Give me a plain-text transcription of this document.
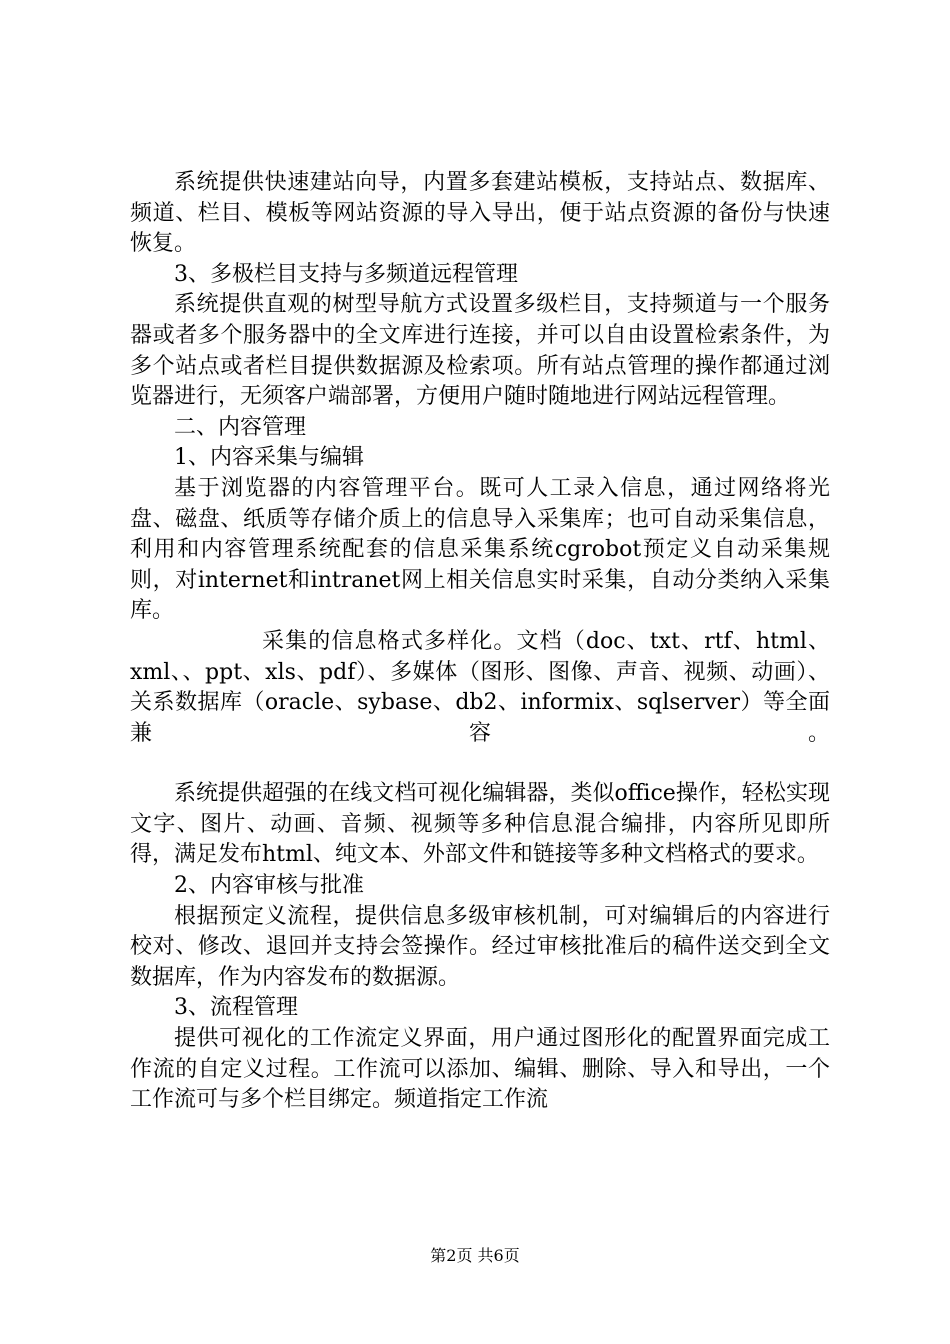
系统提供快速建站向导，内置多套建站模板，支持站点、数据库、频道、栏目、模板等网站资源的导入导出，便于站点资源的备份与快速恢复。

3、多极栏目支持与多频道远程管理

系统提供直观的树型导航方式设置多级栏目，支持频道与一个服务器或者多个服务器中的全文库进行连接，并可以自由设置检索条件，为多个站点或者栏目提供数据源及检索项。所有站点管理的操作都通过浏览器进行，无须客户端部署，方便用户随时随地进行网站远程管理。

二、内容管理

1、内容采集与编辑

基于浏览器的内容管理平台。既可人工录入信息，通过网络将光盘、磁盘、纸质等存储介质上的信息导入采集库；也可自动采集信息，利用和内容管理系统配套的信息采集系统cgrobot预定义自动采集规则，对internet和intranet网上相关信息实时采集，自动分类纳入采集库。

采集的信息格式多样化。文档（doc、txt、rtf、html、xml、、ppt、xls、pdf）、多媒体（图形、图像、声音、视频、动画）、关系数据库（oracle、sybase、db2、informix、sqlserver）等全面兼容。

系统提供超强的在线文档可视化编辑器，类似office操作，轻松实现文字、图片、动画、音频、视频等多种信息混合编排，内容所见即所得，满足发布html、纯文本、外部文件和链接等多种文档格式的要求。

2、内容审核与批准

根据预定义流程，提供信息多级审核机制，可对编辑后的内容进行校对、修改、退回并支持会签操作。经过审核批准后的稿件送交到全文数据库，作为内容发布的数据源。

3、流程管理

提供可视化的工作流定义界面，用户通过图形化的配置界面完成工作流的自定义过程。工作流可以添加、编辑、删除、导入和导出，一个工作流可与多个栏目绑定。频道指定工作流

第2页 共6页
